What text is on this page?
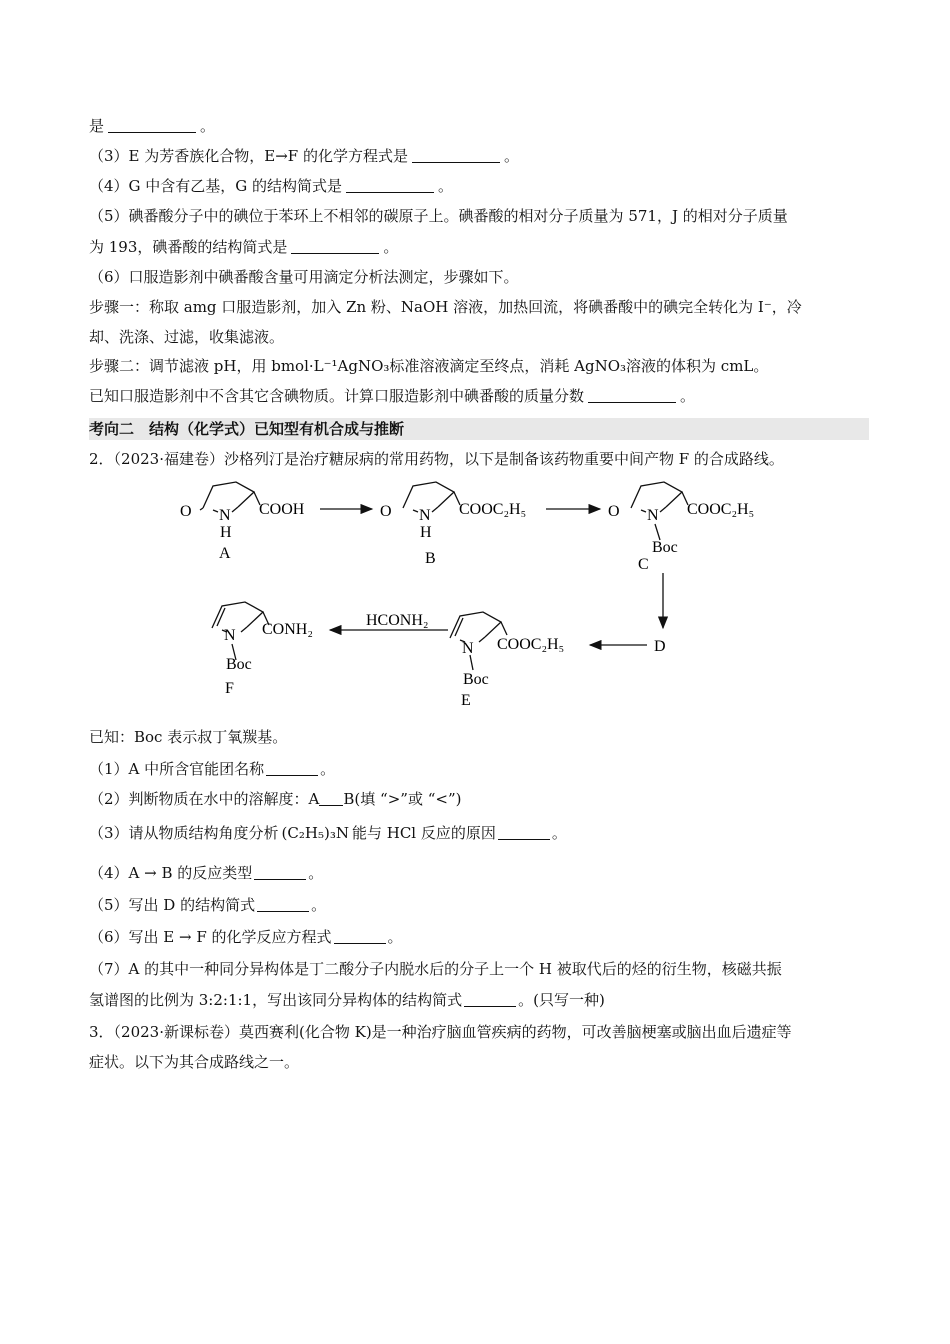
是	。
（3）E 为芳香族化合物，E→F 的化学方程式是	。
（4）G 中含有乙基，G 的结构简式是	。
（5）碘番酸分子中的碘位于苯环上不相邻的碳原子上。碘番酸的相对分子质量为 571，J 的相对分子质量
为 193，碘番酸的结构简式是	。
（6）口服造影剂中碘番酸含量可用滴定分析法测定，步骤如下。
步骤一：称取 amg 口服造影剂，加入 Zn 粉、NaOH 溶液，加热回流，将碘番酸中的碘完全转化为 I⁻，冷
却、洗涤、过滤，收集滤液。
步骤二：调节滤液 pH，用 bmol·L⁻¹AgNO₃标准溶液滴定至终点，消耗 AgNO₃溶液的体积为 cmL。
已知口服造影剂中不含其它含碘物质。计算口服造影剂中碘番酸的质量分数	。
考向二　结构（化学式）已知型有机合成与推断
2．（2023·福建卷）沙格列汀是治疗糖尿病的常用药物，以下是制备该药物重要中间产物 F 的合成路线。
O N
H
COOH
A
O N
H
COOC₂H₅
B
O N COOC₂H₅
Boc
C
D
N COOC₂H₅
Boc
E
HCONH₂
N CONH₂
Boc
F
已知：Boc 表示叔丁氧羰基。
（1）A 中所含官能团名称	。
（2）判断物质在水中的溶解度：A B(填 “>”或 “<”)
（3）请从物质结构角度分析 (C₂H₅)₃N 能与 HCl 反应的原因	。
（4）A → B 的反应类型	。
（5）写出 D 的结构简式	。
（6）写出 E → F 的化学反应方程式	。
（7）A 的其中一种同分异构体是丁二酸分子内脱水后的分子上一个 H 被取代后的烃的衍生物，核磁共振
氢谱图的比例为 3:2:1:1，写出该同分异构体的结构简式	。(只写一种)
3．（2023·新课标卷）莫西赛利(化合物 K)是一种治疗脑血管疾病的药物，可改善脑梗塞或脑出血后遗症等
症状。以下为其合成路线之一。
